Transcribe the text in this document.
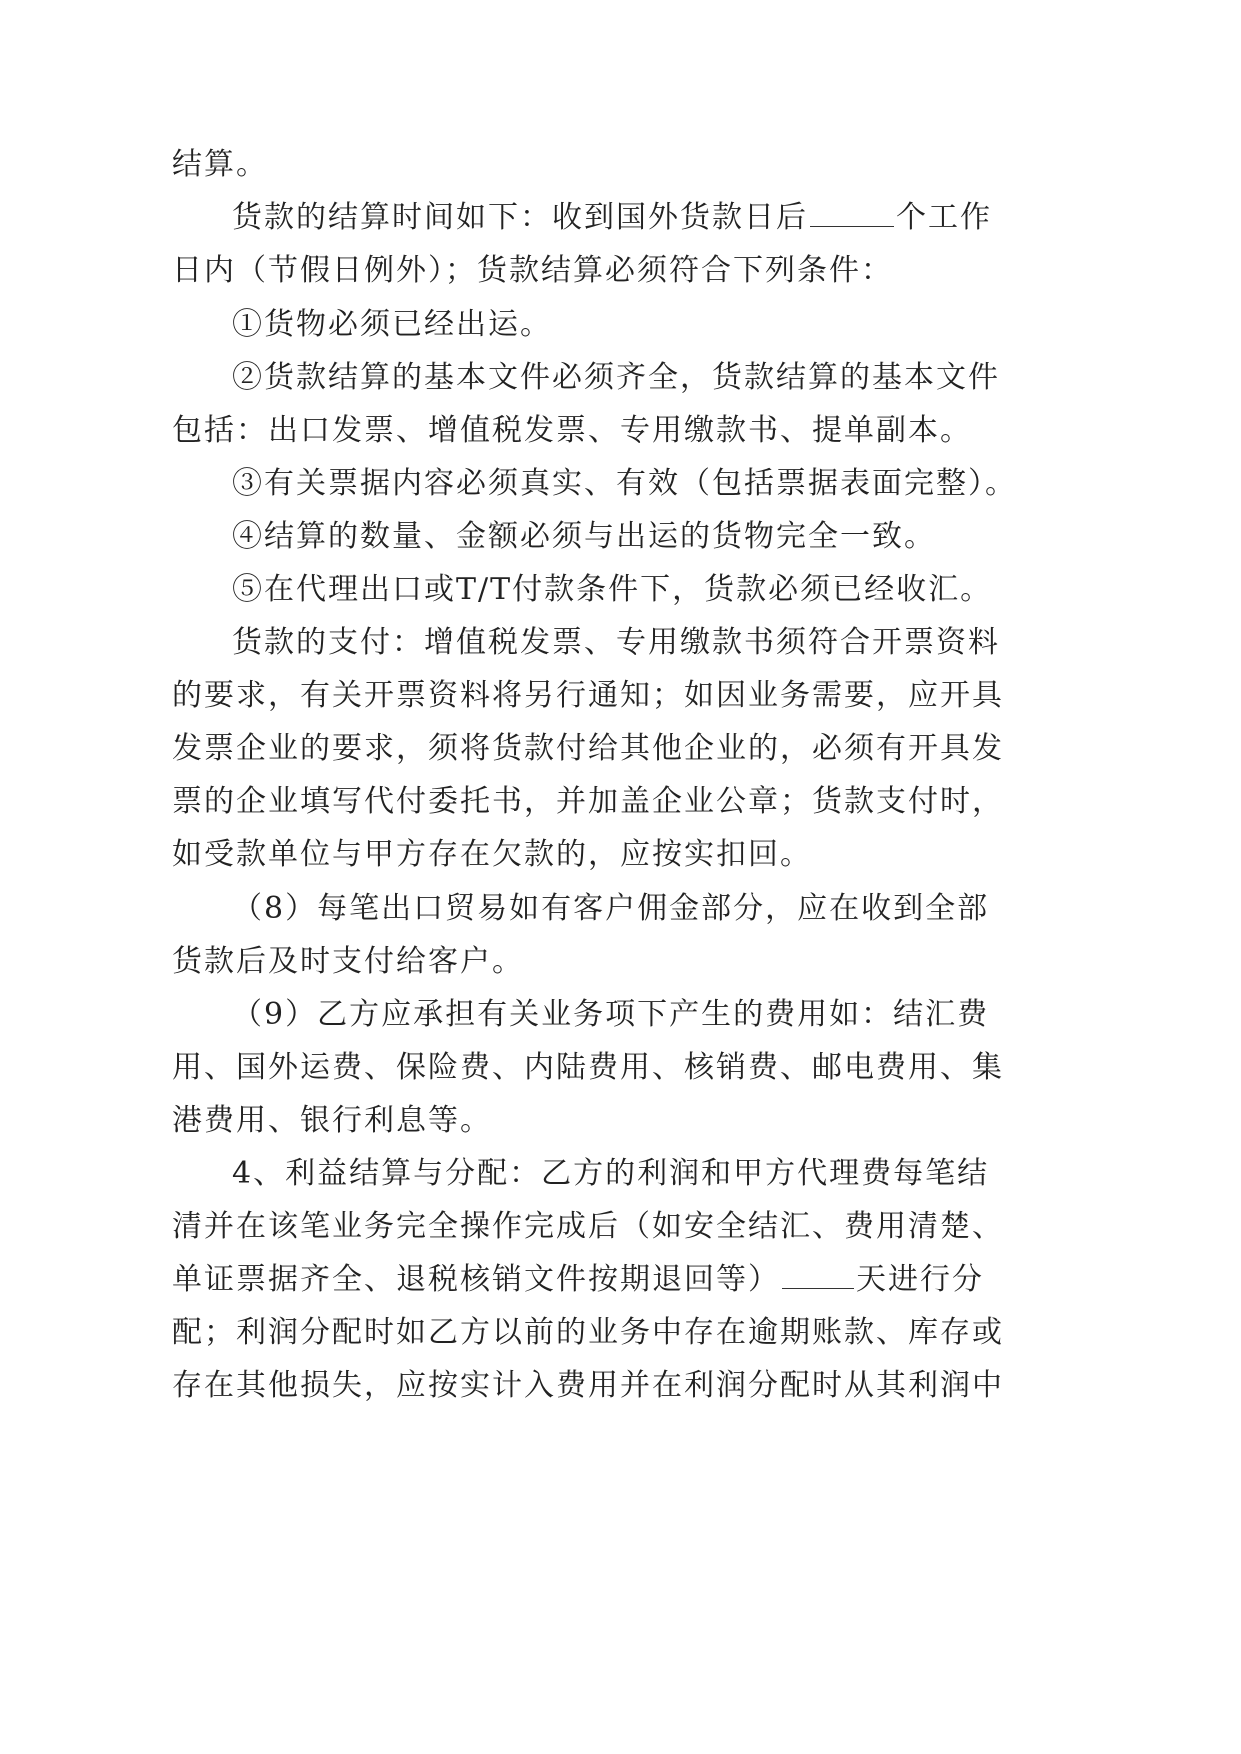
结算。
货款的结算时间如下：收到国外货款日后	个工作
日内（节假日例外）；货款结算必须符合下列条件：
①货物必须已经出运。
②货款结算的基本文件必须齐全，货款结算的基本文件
包括：出口发票、增值税发票、专用缴款书、提单副本。
③有关票据内容必须真实、有效（包括票据表面完整）。
④结算的数量、金额必须与出运的货物完全一致。
⑤在代理出口或T/T付款条件下，货款必须已经收汇。
货款的支付：增值税发票、专用缴款书须符合开票资料
的要求，有关开票资料将另行通知；如因业务需要，应开具
发票企业的要求，须将货款付给其他企业的，必须有开具发
票的企业填写代付委托书，并加盖企业公章；货款支付时，
如受款单位与甲方存在欠款的，应按实扣回。
（8）每笔出口贸易如有客户佣金部分，应在收到全部
货款后及时支付给客户。
（9）乙方应承担有关业务项下产生的费用如：结汇费
用、国外运费、保险费、内陆费用、核销费、邮电费用、集
港费用、银行利息等。
4、利益结算与分配：乙方的利润和甲方代理费每笔结
清并在该笔业务完全操作完成后（如安全结汇、费用清楚、
单证票据齐全、退税核销文件按期退回等）	天进行分
配；利润分配时如乙方以前的业务中存在逾期账款、库存或
存在其他损失，应按实计入费用并在利润分配时从其利润中
